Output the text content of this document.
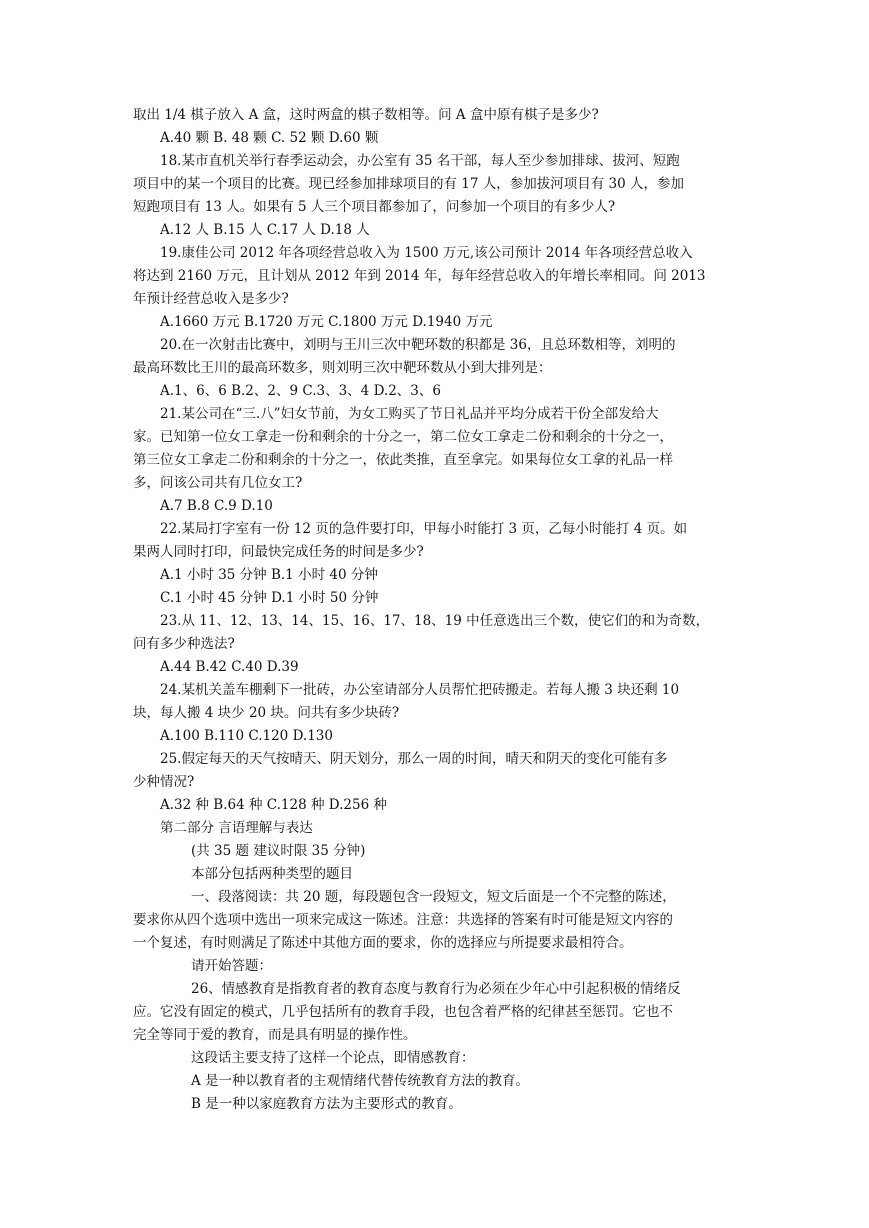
取出 1/4 棋子放入 A 盒，这时两盒的棋子数相等。问 A 盒中原有棋子是多少?
A.40 颗 B. 48 颗 C. 52 颗 D.60 颗
18.某市直机关举行春季运动会，办公室有 35 名干部，每人至少参加排球、拔河、短跑
项目中的某一个项目的比赛。现已经参加排球项目的有 17 人，参加拔河项目有 30 人，参加
短跑项目有 13 人。如果有 5 人三个项目都参加了，问参加一个项目的有多少人?
A.12 人 B.15 人 C.17 人 D.18 人
19.康佳公司 2012 年各项经营总收入为 1500 万元,该公司预计 2014 年各项经营总收入
将达到 2160 万元，且计划从 2012 年到 2014 年，每年经营总收入的年增长率相同。问 2013
年预计经营总收入是多少?
A.1660 万元 B.1720 万元 C.1800 万元 D.1940 万元
20.在一次射击比赛中，刘明与王川三次中靶环数的积都是 36，且总环数相等，刘明的
最高环数比王川的最高环数多，则刘明三次中靶环数从小到大排列是：
A.1、6、6 B.2、2、9 C.3、3、4 D.2、3、6
21.某公司在“三.八”妇女节前，为女工购买了节日礼品并平均分成若干份全部发给大
家。已知第一位女工拿走一份和剩余的十分之一，第二位女工拿走二份和剩余的十分之一，
第三位女工拿走二份和剩余的十分之一，依此类推，直至拿完。如果每位女工拿的礼品一样
多，问该公司共有几位女工?
A.7 B.8 C.9 D.10
22.某局打字室有一份 12 页的急件要打印，甲每小时能打 3 页，乙每小时能打 4 页。如
果两人同时打印，问最快完成任务的时间是多少?
A.1 小时 35 分钟 B.1 小时 40 分钟
C.1 小时 45 分钟 D.1 小时 50 分钟
23.从 11、12、13、14、15、16、17、18、19 中任意选出三个数，使它们的和为奇数，
问有多少种选法?
A.44 B.42 C.40 D.39
24.某机关盖车棚剩下一批砖，办公室请部分人员帮忙把砖搬走。若每人搬 3 块还剩 10
块，每人搬 4 块少 20 块。问共有多少块砖?
A.100 B.110 C.120 D.130
25.假定每天的天气按晴天、阴天划分，那么一周的时间，晴天和阴天的变化可能有多
少种情况?
A.32 种 B.64 种 C.128 种 D.256 种
第二部分 言语理解与表达
(共 35 题 建议时限 35 分钟)
本部分包括两种类型的题目
一、段落阅读：共 20 题，每段题包含一段短文，短文后面是一个不完整的陈述，
要求你从四个选项中选出一项来完成这一陈述。注意：共选择的答案有时可能是短文内容的
一个复述，有时则满足了陈述中其他方面的要求，你的选择应与所提要求最相符合。
请开始答题：
26、情感教育是指教育者的教育态度与教育行为必须在少年心中引起积极的情绪反
应。它没有固定的模式，几乎包括所有的教育手段，也包含着严格的纪律甚至惩罚。它也不
完全等同于爱的教育，而是具有明显的操作性。
这段话主要支持了这样一个论点，即情感教育：
A 是一种以教育者的主观情绪代替传统教育方法的教育。
B 是一种以家庭教育方法为主要形式的教育。
